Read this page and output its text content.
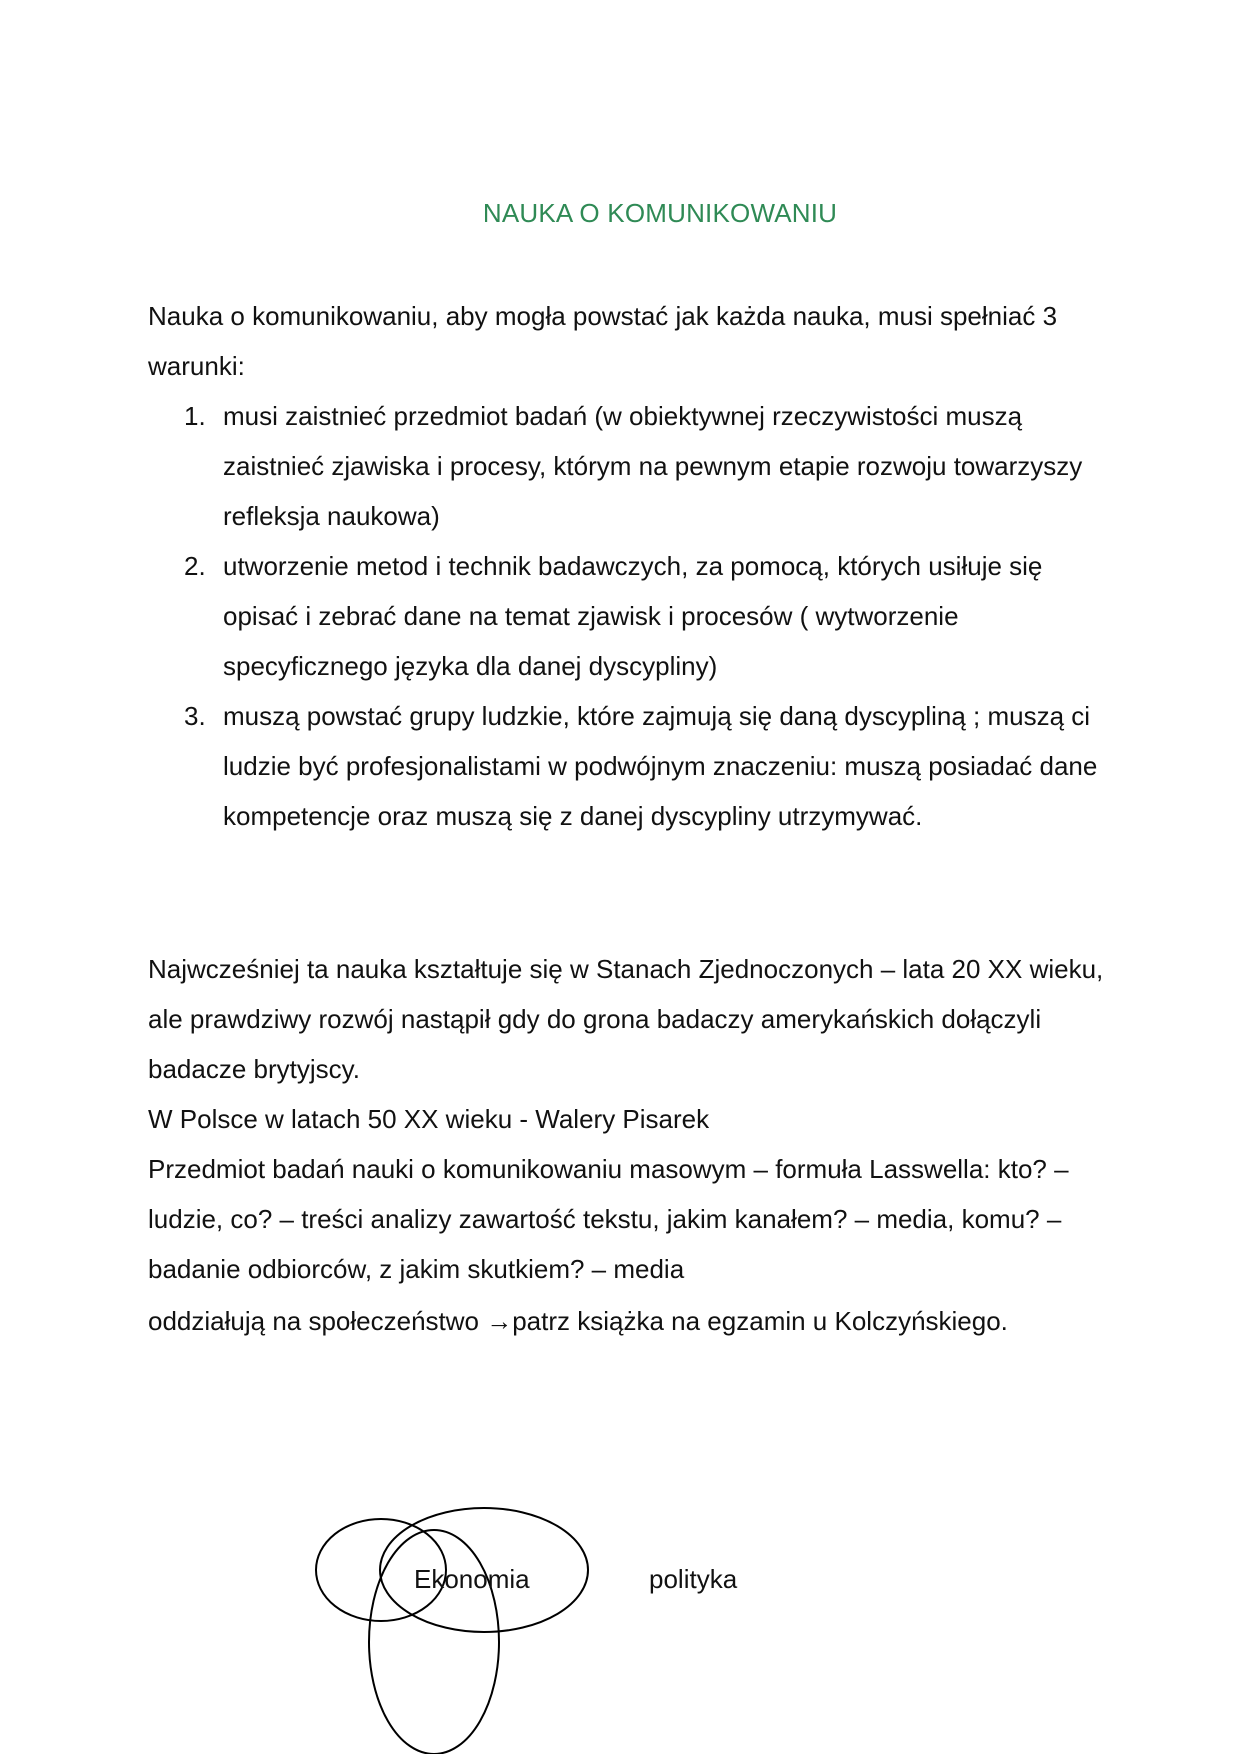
NAUKA O KOMUNIKOWANIU

Nauka o komunikowaniu, aby mogła powstać jak każda nauka, musi spełniać 3 warunki:

1. musi zaistnieć przedmiot badań (w obiektywnej rzeczywistości muszą zaistnieć zjawiska i procesy, którym na pewnym etapie rozwoju towarzyszy refleksja naukowa)
2. utworzenie metod i technik badawczych, za pomocą, których usiłuje się opisać i zebrać dane na temat zjawisk i procesów ( wytworzenie specyficznego języka dla danej dyscypliny)
3. muszą powstać grupy ludzkie, które zajmują się daną dyscypliną ; muszą ci ludzie być profesjonalistami w podwójnym znaczeniu: muszą posiadać dane kompetencje oraz muszą się z danej dyscypliny utrzymywać.
Najwcześniej ta nauka kształtuje się w Stanach Zjednoczonych – lata 20 XX wieku, ale prawdziwy rozwój nastąpił gdy do grona badaczy amerykańskich dołączyli badacze brytyjscy.
W Polsce w latach 50 XX wieku - Walery Pisarek
Przedmiot badań nauki o komunikowaniu masowym – formuła Lasswella: kto? – ludzie, co? – treści analizy zawartość tekstu, jakim kanałem? – media, komu? – badanie odbiorców, z jakim skutkiem? – media
oddziałują na społeczeństwo →patrz książka na egzamin u Kolczyńskiego.
Ekonomia	polityka
